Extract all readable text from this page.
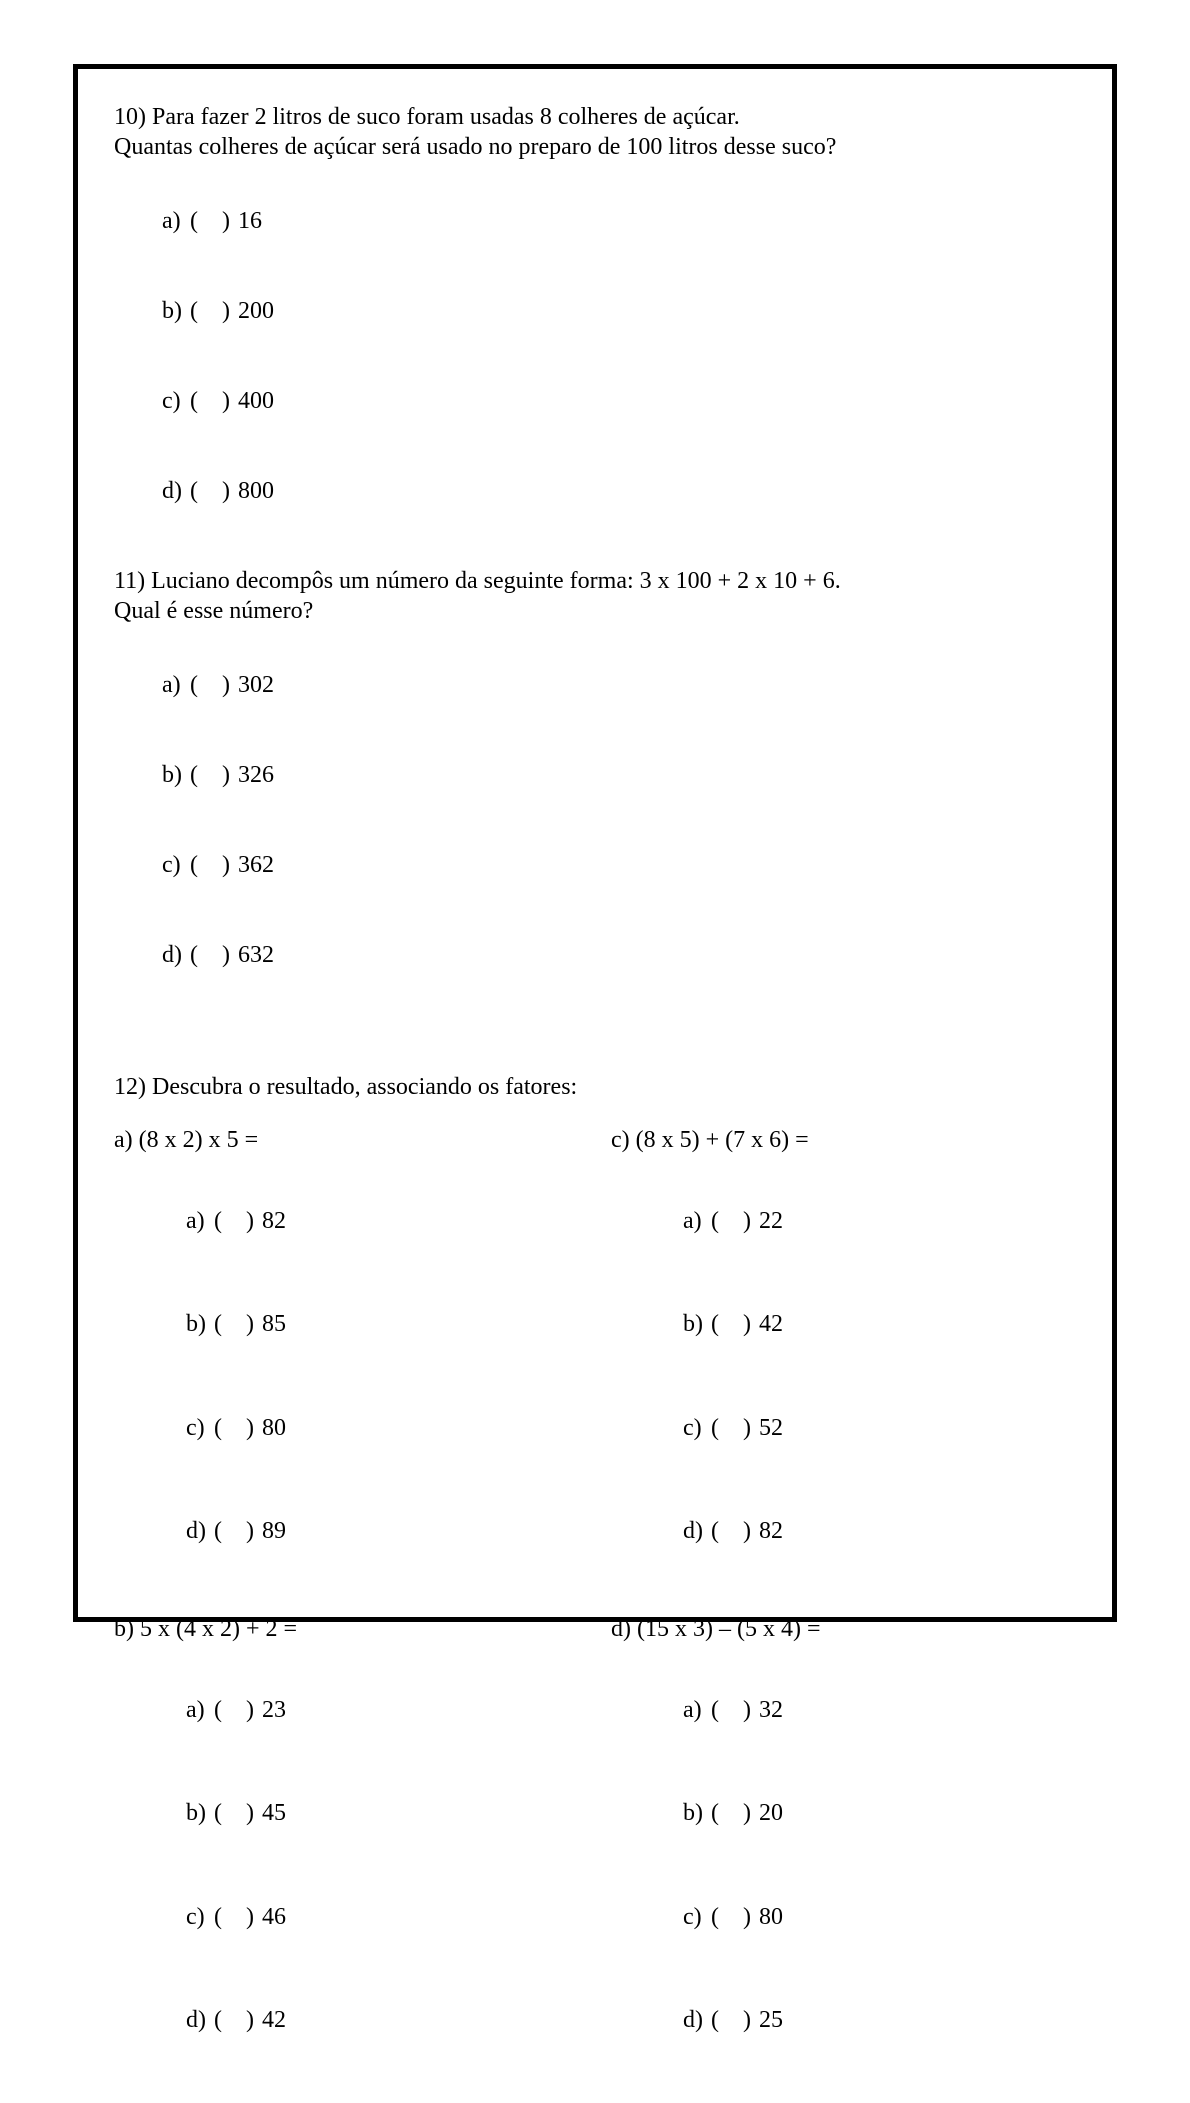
10) Para fazer 2 litros de suco foram usadas 8 colheres de açúcar.
Quantas colheres de açúcar será usado no preparo de 100 litros desse suco?

a) (    ) 16

b) (    ) 200

c) (    ) 400

d) (    ) 800

11) Luciano decompôs um número da seguinte forma: 3 x 100 + 2 x 10 + 6.
Qual é esse número?

a) (    ) 302

b) (    ) 326

c) (    ) 362

d) (    ) 632

12) Descubra o resultado, associando os fatores:
a) (8 x 2) x 5 =

a) (    ) 82

b) (    ) 85

c) (    ) 80

d) (    ) 89

c) (8 x 5) + (7 x 6) =

a) (    ) 22

b) (    ) 42

c) (    ) 52

d) (    ) 82

b) 5 x (4 x 2) + 2 =

a) (    ) 23

b) (    ) 45

c) (    ) 46

d) (    ) 42

d) (15 x 3) – (5 x 4) =

a) (    ) 32

b) (    ) 20

c) (    ) 80

d) (    ) 25
